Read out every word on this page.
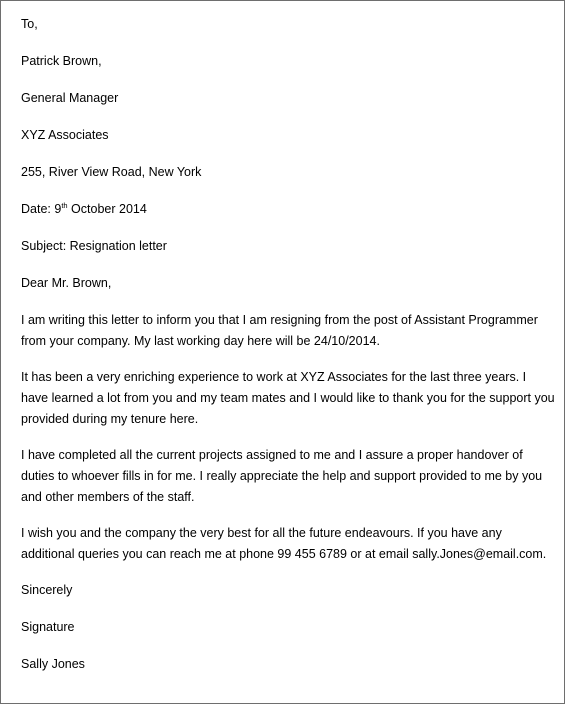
To,

Patrick Brown,

General Manager

XYZ Associates

255, River View Road, New York

Date: 9th October 2014

Subject: Resignation letter

Dear Mr. Brown,

I am writing this letter to inform you that I am resigning from the post of Assistant Programmer
from your company. My last working day here will be 24/10/2014.

It has been a very enriching experience to work at XYZ Associates for the last three years. I
have learned a lot from you and my team mates and I would like to thank you for the support you
provided during my tenure here.

I have completed all the current projects assigned to me and I assure a proper handover of
duties to whoever fills in for me. I really appreciate the help and support provided to me by you
and other members of the staff.

I wish you and the company the very best for all the future endeavours. If you have any
additional queries you can reach me at phone 99 455 6789 or at email sally.Jones@email.com.

Sincerely

Signature

Sally Jones
